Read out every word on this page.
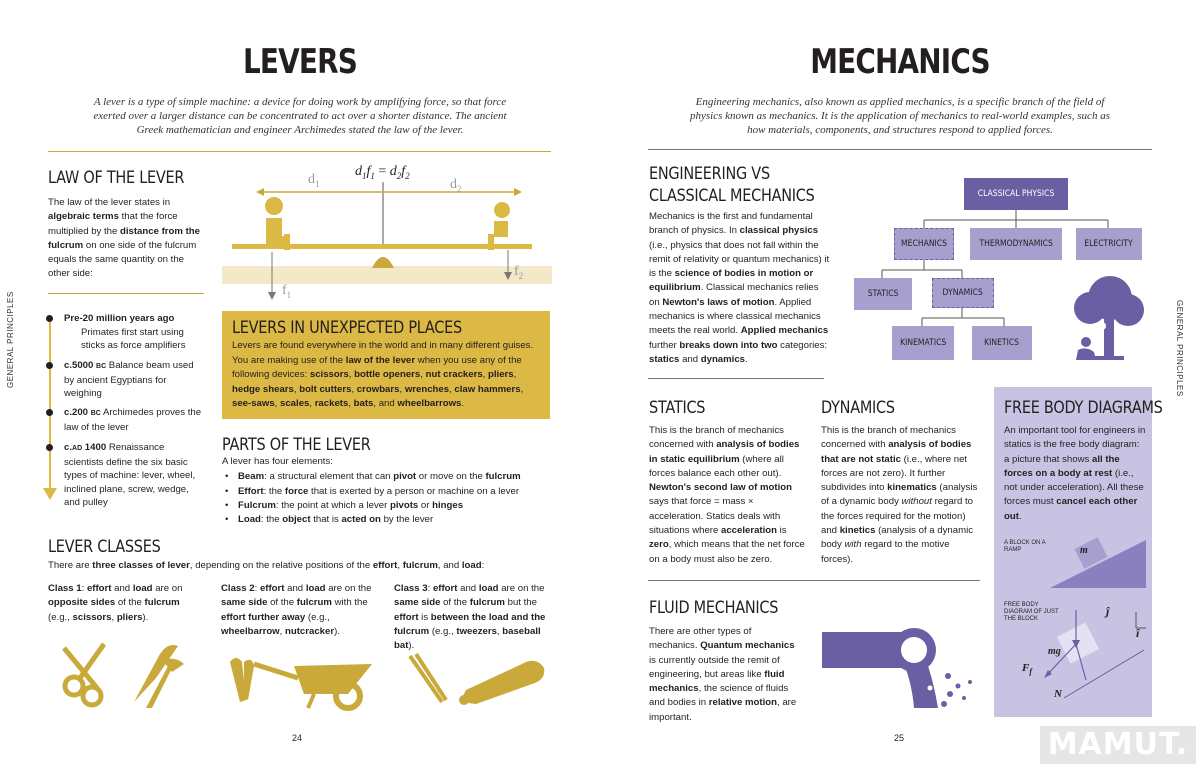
LEVERS
A lever is a type of simple machine: a device for doing work by amplifying force, so that force exerted over a larger distance can be concentrated to act over a shorter distance. The ancient Greek mathematician and engineer Archimedes stated the law of the lever.
LAW OF THE LEVER
The law of the lever states in algebraic terms that the force multiplied by the distance from the fulcrum on one side of the fulcrum equals the same quantity on the other side:
$d_1$	$d_2$
$f_1$
$f_2$
$d_1f_1 = d_2f_2$
GENERAL PRINCIPLES	Pre-20 million years ago
Primates first start using sticks as force amplifiers
c.5000 BC Balance beam used by ancient Egyptians for weighing
c.200 BC Archimedes proves the law of the lever
c.AD 1400 Renaissance scientists define the six basic types of machine: lever, wheel, inclined plane, screw, wedge, and pulley
LEVERS IN UNEXPECTED PLACES
Levers are found everywhere in the world and in many different guises. You are making use of the law of the lever when you use any of the following devices: scissors, bottle openers, nut crackers, pliers, hedge shears, bolt cutters, crowbars, wrenches, claw hammers, see-saws, scales, rackets, bats, and wheelbarrows.
PARTS OF THE LEVER
A lever has four elements:
• Beam: a structural element that can pivot or move on the fulcrum
• Effort: the force that is exerted by a person or machine on a lever
• Fulcrum: the point at which a lever pivots or hinges
• Load: the object that is acted on by the lever
LEVER CLASSES
There are three classes of lever, depending on the relative positions of the effort, fulcrum, and load:
Class 1: effort and load are on opposite sides of the fulcrum (e.g., scissors, pliers).
Class 2: effort and load are on the same side of the fulcrum with the effort further away (e.g., wheelbarrow, nutcracker).
Class 3: effort and load are on the same side of the fulcrum but the effort is between the load and the fulcrum (e.g., tweezers, baseball bat).
24
MECHANICS
Engineering mechanics, also known as applied mechanics, is a specific branch of the field of physics known as mechanics. It is the application of mechanics to real-world examples, such as how materials, components, and structures respond to applied forces.
ENGINEERING VS
CLASSICAL MECHANICS
Mechanics is the first and fundamental branch of physics. In classical physics (i.e., physics that does not fall within the remit of relativity or quantum mechanics) it is the science of bodies in motion or equilibrium. Classical mechanics relies on Newton's laws of motion. Applied mechanics is where classical mechanics meets the real world. Applied mechanics further breaks down into two categories: statics and dynamics.
CLASSICAL PHYSICS
MECHANICS	THERMODYNAMICS	ELECTRICITY
STATICS	DYNAMICS
KINEMATICS	KINETICS	GENERAL PRINCIPLES
STATICS
This is the branch of mechanics concerned with analysis of bodies in static equilibrium (where all forces balance each other out). Newton's second law of motion says that force = mass × acceleration. Statics deals with situations where acceleration is zero, which means that the net force on a body must also be zero.
DYNAMICS
This is the branch of mechanics concerned with analysis of bodies that are not static (i.e., where net forces are not zero). It further subdivides into kinematics (analysis of a dynamic body without regard to the forces required for the motion) and kinetics (analysis of a dynamic body with regard to the motive forces).
FREE BODY DIAGRAMS
An important tool for engineers in statics is the free body diagram: a picture that shows all the forces on a body at rest (i.e., not under acceleration). All these forces must cancel each other out.
A BLOCK ON A RAMP	m
FREE BODY DIAGRAM OF JUST THE BLOCK
ĵ
î
mg
$F_f$
N
FLUID MECHANICS
There are other types of mechanics. Quantum mechanics is currently outside the remit of engineering, but areas like fluid mechanics, the science of fluids and bodies in relative motion, are important.
25	MAMUT.
